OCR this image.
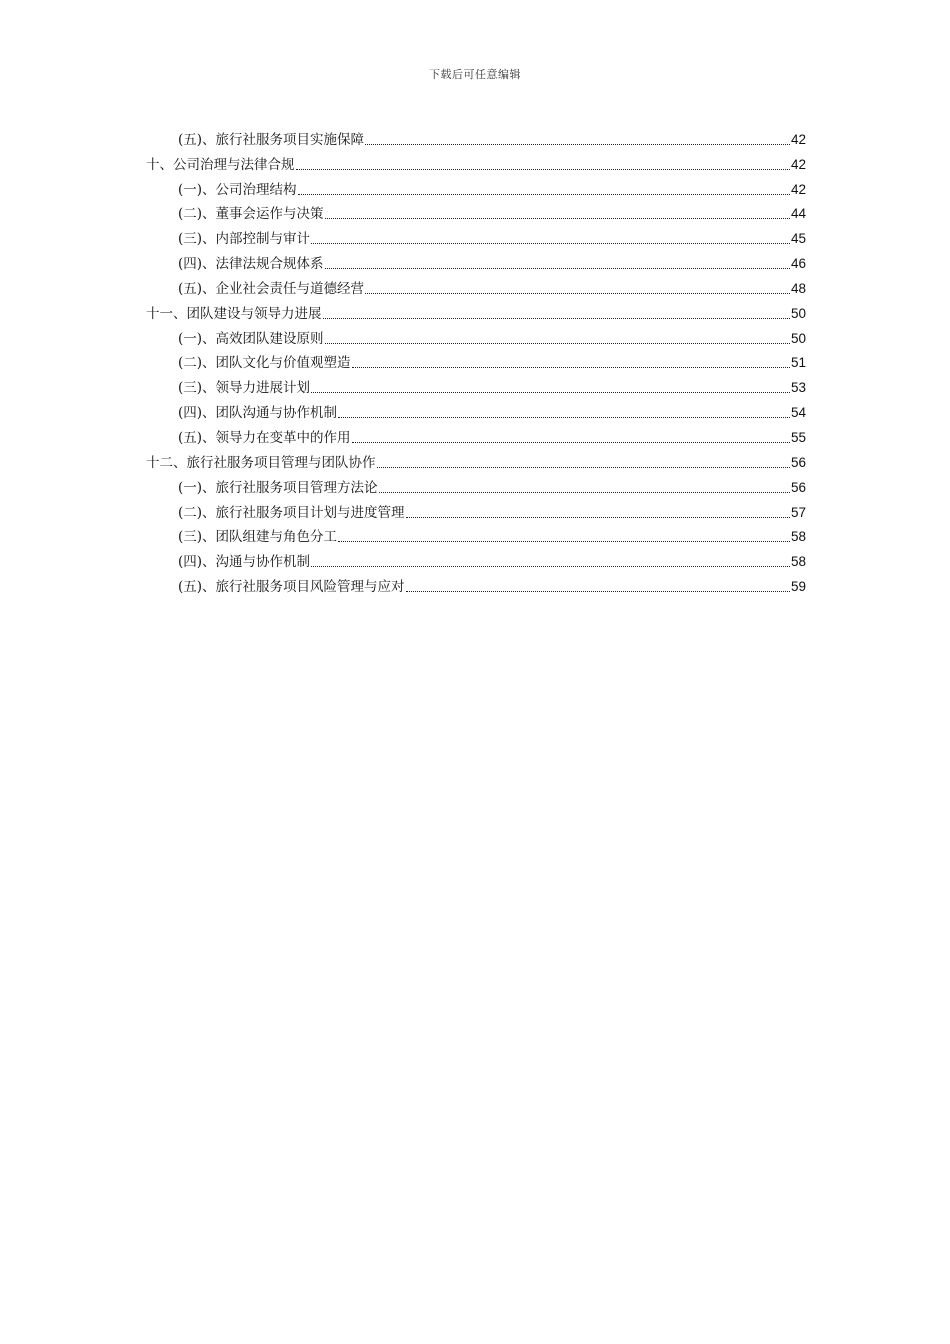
下载后可任意编辑
(五)、旅行社服务项目实施保障	42
十、公司治理与法律合规	42
(一)、公司治理结构	42
(二)、董事会运作与决策	44
(三)、内部控制与审计	45
(四)、法律法规合规体系	46
(五)、企业社会责任与道德经营	48
十一、团队建设与领导力进展	50
(一)、高效团队建设原则	50
(二)、团队文化与价值观塑造	51
(三)、领导力进展计划	53
(四)、团队沟通与协作机制	54
(五)、领导力在变革中的作用	55
十二、旅行社服务项目管理与团队协作	56
(一)、旅行社服务项目管理方法论	56
(二)、旅行社服务项目计划与进度管理	57
(三)、团队组建与角色分工	58
(四)、沟通与协作机制	58
(五)、旅行社服务项目风险管理与应对	59
